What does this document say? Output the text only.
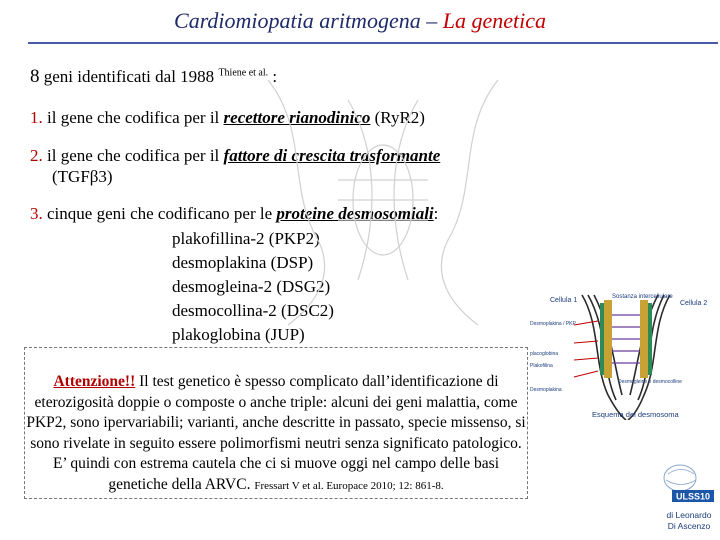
Cardiomiopatia aritmogena – La genetica
8 geni identificati dal 1988 $^{Thiene et al.}$ :
1. il gene che codifica per il recettore rianodinico (RyR2)
2. il gene che codifica per il fattore di crescita trasformante
(TGFβ3)
3. cinque geni che codificano per le proteine desmosomiali:
plakofillina-2 (PKP2)
desmoplakina (DSP)
desmogleina-2 (DSG2)
desmocollina-2 (DSC2)
plakoglobina (JUP)
Attenzione!! Il test genetico è spesso complicato dall’identificazione di eterozigosità doppie o composte o anche triple: alcuni dei geni malattia, come PKP2, sono ipervariabili; varianti, anche descritte in passato, specie missenso, si sono rivelate in seguito essere polimorfismi neutri senza significato patologico. E’ quindi con estrema cautela che ci si muove oggi nel campo delle basi genetiche della ARVC. Fressart V et al. Europace 2010; 12: 861-8.
Cellula 1	Cellula 2
Sostanza intercellulare
Desmoplakina / PKP
placoglobina
Plakofilina
Desmoplakina
Desmogleine e desmocolline
Esquema del desmosoma
ULSS10
di Leonardo
Di Ascenzo
